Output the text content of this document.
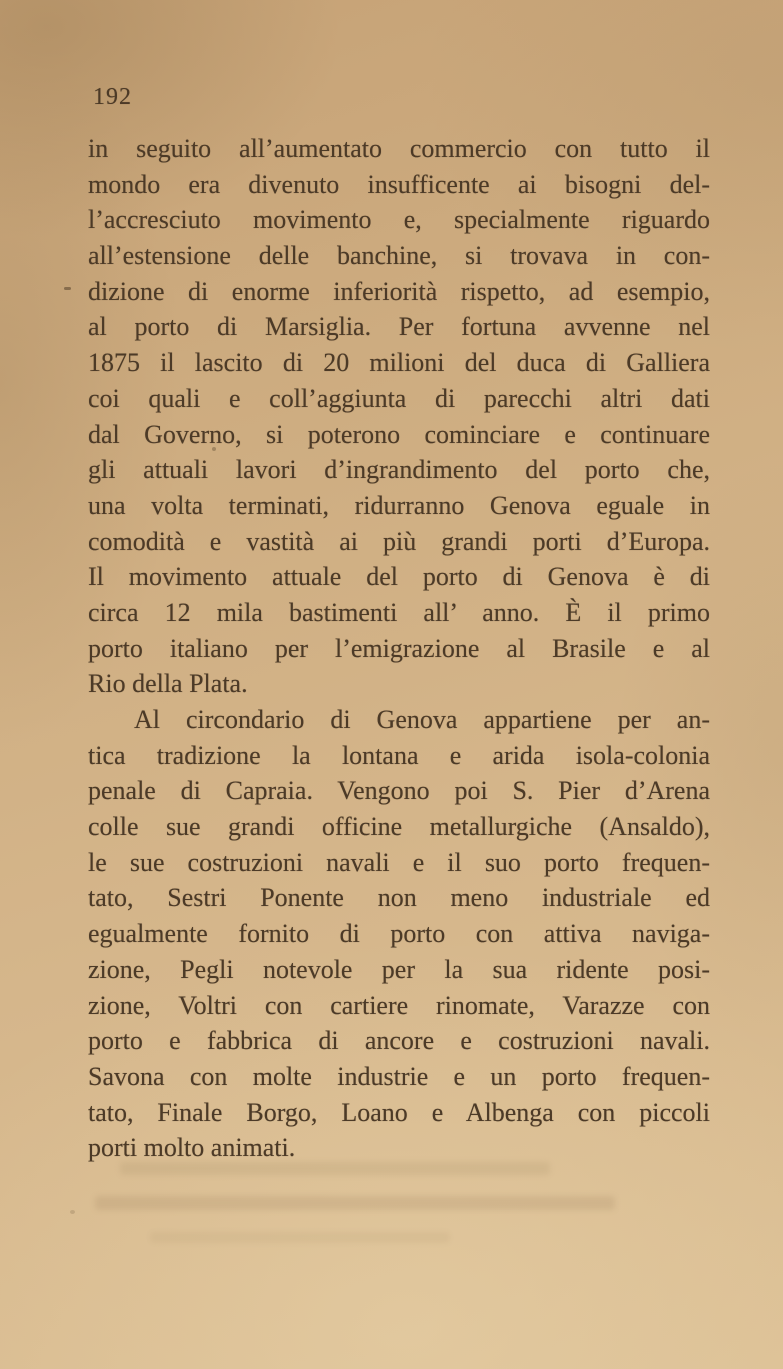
192
in seguito all’aumentato commercio con tutto il
mondo era divenuto insufficente ai bisogni del-
l’accresciuto movimento e, specialmente riguardo
all’estensione delle banchine, si trovava in con-
dizione di enorme inferiorità rispetto, ad esempio,
al porto di Marsiglia. Per fortuna avvenne nel
1875 il lascito di 20 milioni del duca di Galliera
coi quali e coll’aggiunta di parecchi altri dati
dal Governo, si poterono cominciare e continuare
gli attuali lavori d’ingrandimento del porto che,
una volta terminati, ridurranno Genova eguale in
comodità e vastità ai più grandi porti d’Europa.
Il movimento attuale del porto di Genova è di
circa 12 mila bastimenti all’ anno. È il primo
porto italiano per l’emigrazione al Brasile e al
Rio della Plata.
Al circondario di Genova appartiene per an-
tica tradizione la lontana e arida isola-colonia
penale di Capraia. Vengono poi S. Pier d’Arena
colle sue grandi officine metallurgiche (Ansaldo),
le sue costruzioni navali e il suo porto frequen-
tato, Sestri Ponente non meno industriale ed
egualmente fornito di porto con attiva naviga-
zione, Pegli notevole per la sua ridente posi-
zione, Voltri con cartiere rinomate, Varazze con
porto e fabbrica di ancore e costruzioni navali.
Savona con molte industrie e un porto frequen-
tato, Finale Borgo, Loano e Albenga con piccoli
porti molto animati.
